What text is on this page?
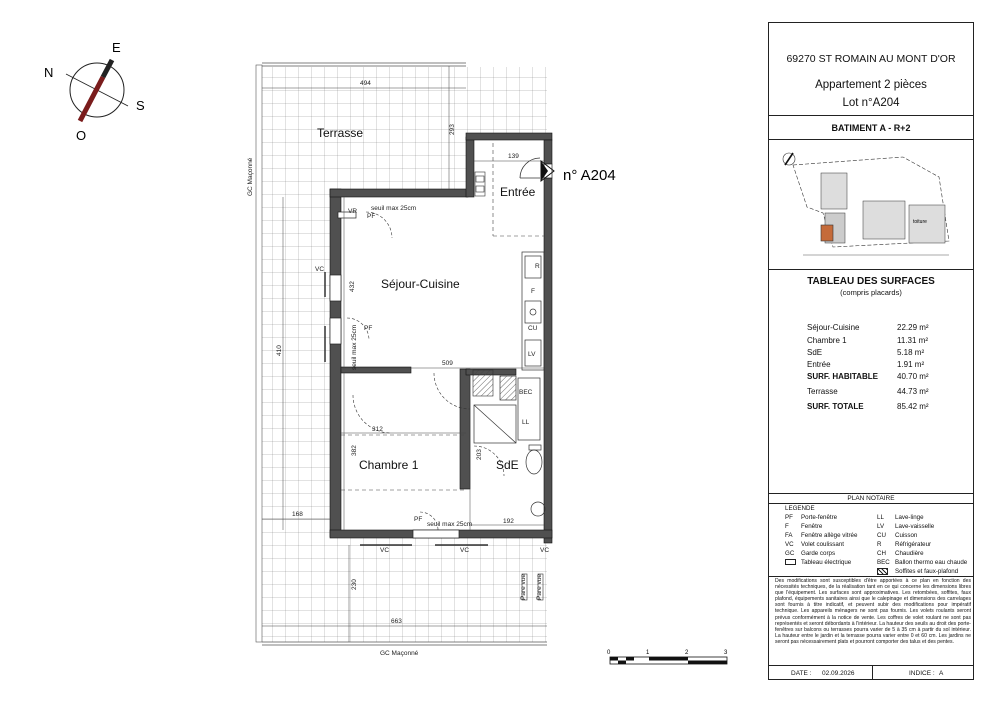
N
E
S
O
494
293
139
432
410
509
312
382	203
168
192
230
663
seuil max 25cm
seuil max 25cm
seuil max 25cm
VR
PF
PF
PF
VC
VC	VC	VC
R
F
CU
LV
BEC
LL
Pare vue Pare vue
GC Maçonné
GC Maçonné
Terrasse
Entrée
Séjour-Cuisine
Chambre 1	SdE
n° A204
0	1	2	3
69270 ST ROMAIN AU MONT D'OR
Appartement 2 pièces
Lot n°A204
BATIMENT A - R+2
toiture
TABLEAU DES SURFACES
(compris placards)
Séjour-Cuisine	22.29 m²
Chambre 1	11.31 m²
SdE	5.18 m²
Entrée	1.91 m²
SURF. HABITABLE 40.70 m²
Terrasse	44.73 m²
SURF. TOTALE	85.42 m²
PLAN NOTAIRE
LEGENDE
PF Porte-fenêtre
F Fenêtre
FA Fenêtre allège vitrée
VC Volet coulissant
GC Garde corps
Tableau électrique
LL Lave-linge
LV Lave-vaisselle
CU Cuisson
R Réfrigérateur
CH Chaudière
BEC Ballon thermo eau chaude
Soffites et faux-plafond
Des modifications sont susceptibles d'être apportées à ce plan en fonction des nécessités techniques, de la réalisation tant en ce qui concerne les dimensions libres que l'équipement. Les surfaces sont approximatives. Les retombées, soffites, faux plafond, équipements sanitaires ainsi que le calepinage et dimensions des carrelages sont fournis à titre indicatif, et peuvent subir des modifications pour impératif technique. Les appareils ménagers ne sont pas fournis. Les volets roulants seront prévus conformément à la notice de vente. Les coffres de volet roulant ne sont pas représentés et seront débordants à l'intérieur. La hauteur des seuils au droit des porte-fenêtres sur balcons ou terrasses pourra varier de 5 à 35 cm à partir du sol intérieur. La hauteur entre le jardin et la terrasse pourra varier entre 0 et 60 cm. Les jardins ne seront pas nécessairement plats et pourront comporter des talus et des pentes.
DATE : 02.09.2026	INDICE : A
